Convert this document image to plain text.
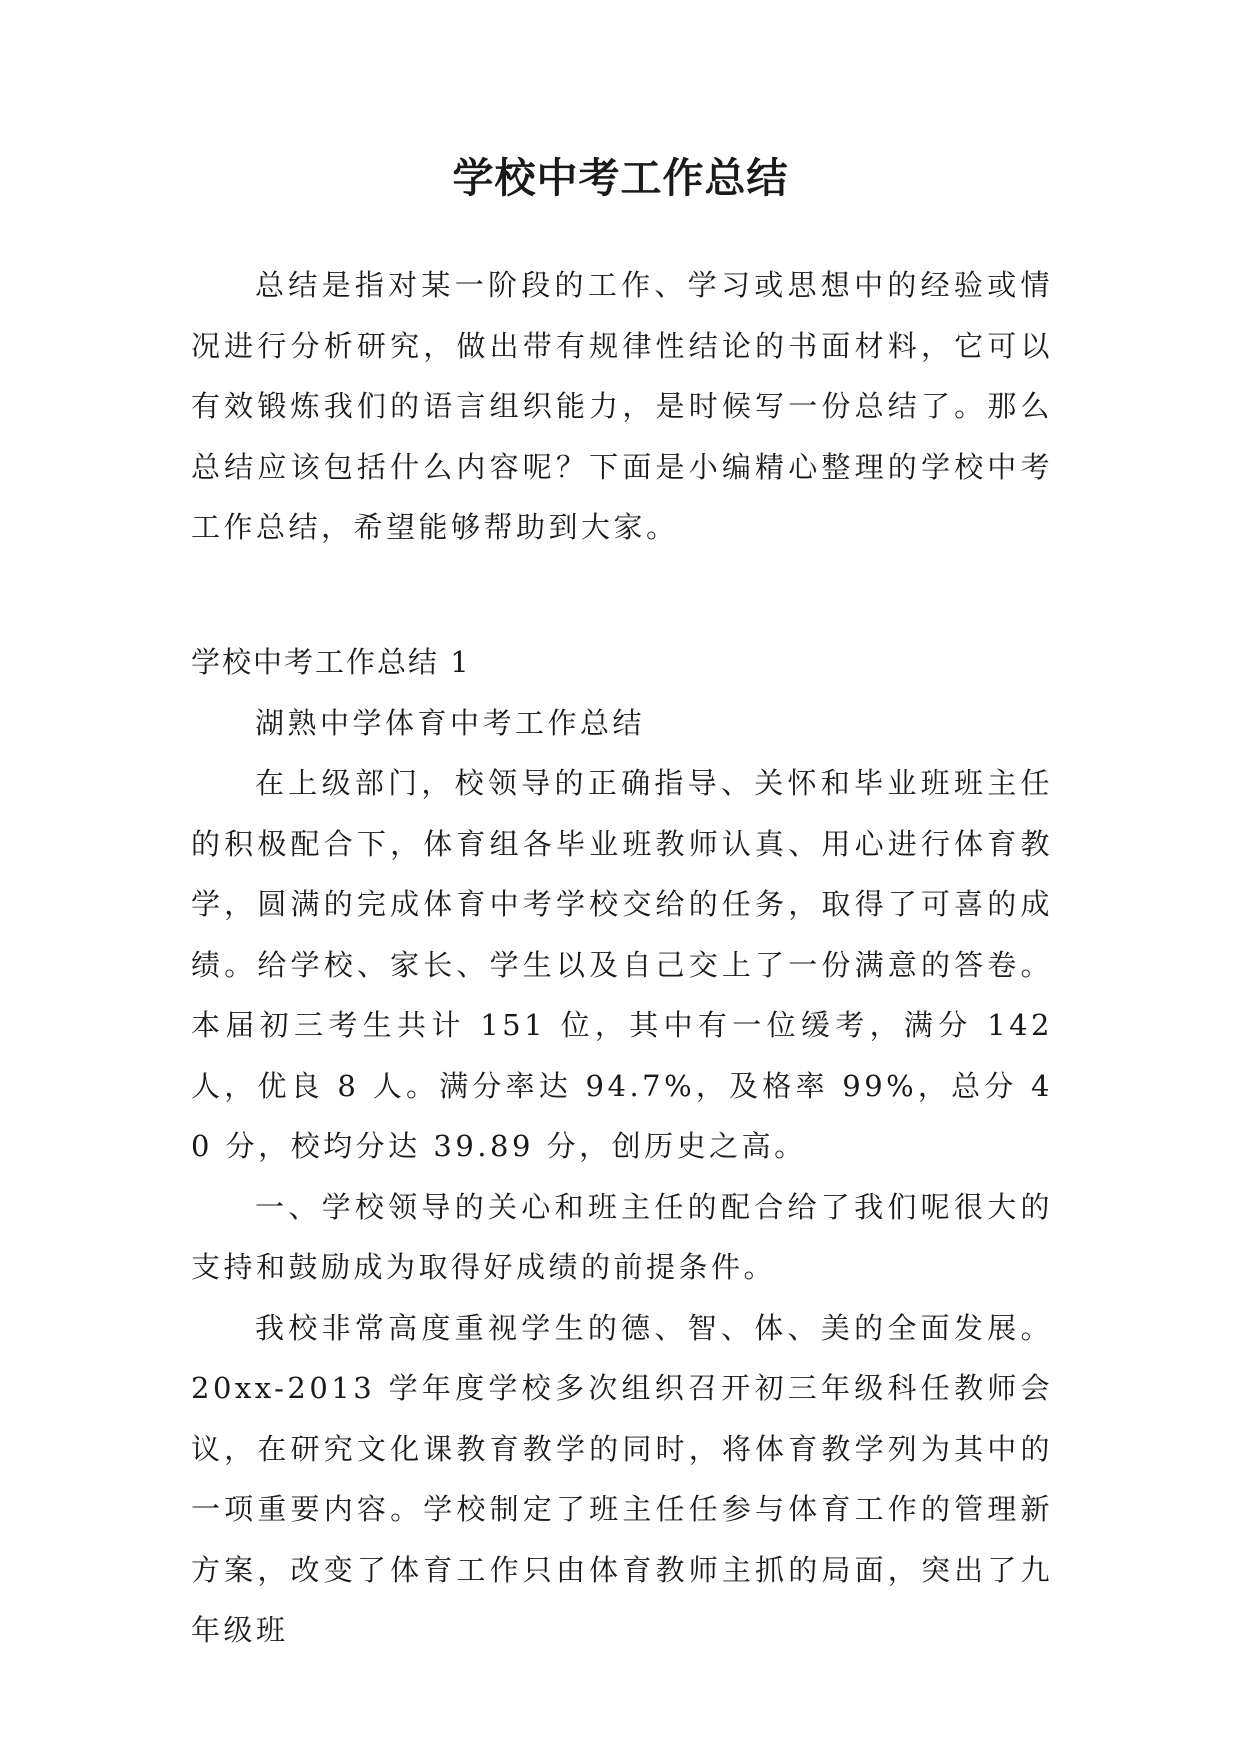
学校中考工作总结

总结是指对某一阶段的工作、学习或思想中的经验或情况进行分析研究，做出带有规律性结论的书面材料，它可以有效锻炼我们的语言组织能力，是时候写一份总结了。那么总结应该包括什么内容呢？下面是小编精心整理的学校中考工作总结，希望能够帮助到大家。

学校中考工作总结 1

湖熟中学体育中考工作总结

在上级部门，校领导的正确指导、关怀和毕业班班主任的积极配合下，体育组各毕业班教师认真、用心进行体育教学，圆满的完成体育中考学校交给的任务，取得了可喜的成绩。给学校、家长、学生以及自己交上了一份满意的答卷。本届初三考生共计 151 位，其中有一位缓考，满分 142 人，优良 8 人。满分率达 94.7%，及格率 99%，总分 40 分，校均分达 39.89 分，创历史之高。

一、学校领导的关心和班主任的配合给了我们呢很大的支持和鼓励成为取得好成绩的前提条件。

我校非常高度重视学生的德、智、体、美的全面发展。20xx-2013 学年度学校多次组织召开初三年级科任教师会议，在研究文化课教育教学的同时，将体育教学列为其中的一项重要内容。学校制定了班主任任参与体育工作的管理新方案，改变了体育工作只由体育教师主抓的局面，突出了九年级班
